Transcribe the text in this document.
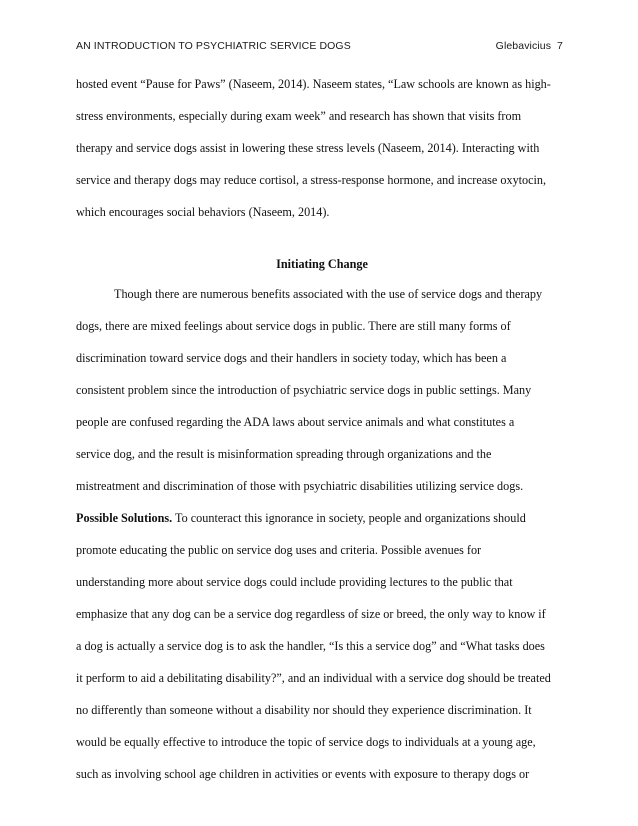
AN INTRODUCTION TO PSYCHIATRIC SERVICE DOGS	Glebavicius 7
hosted event “Pause for Paws” (Naseem, 2014). Naseem states, “Law schools are known as high-
stress environments, especially during exam week” and research has shown that visits from
therapy and service dogs assist in lowering these stress levels (Naseem, 2014). Interacting with
service and therapy dogs may reduce cortisol, a stress-response hormone, and increase oxytocin,
which encourages social behaviors (Naseem, 2014).
Initiating Change
Though there are numerous benefits associated with the use of service dogs and therapy
dogs, there are mixed feelings about service dogs in public. There are still many forms of
discrimination toward service dogs and their handlers in society today, which has been a
consistent problem since the introduction of psychiatric service dogs in public settings. Many
people are confused regarding the ADA laws about service animals and what constitutes a
service dog, and the result is misinformation spreading through organizations and the
mistreatment and discrimination of those with psychiatric disabilities utilizing service dogs.
Possible Solutions. To counteract this ignorance in society, people and organizations should
promote educating the public on service dog uses and criteria. Possible avenues for
understanding more about service dogs could include providing lectures to the public that
emphasize that any dog can be a service dog regardless of size or breed, the only way to know if
a dog is actually a service dog is to ask the handler, “Is this a service dog” and “What tasks does
it perform to aid a debilitating disability?”, and an individual with a service dog should be treated
no differently than someone without a disability nor should they experience discrimination. It
would be equally effective to introduce the topic of service dogs to individuals at a young age,
such as involving school age children in activities or events with exposure to therapy dogs or
